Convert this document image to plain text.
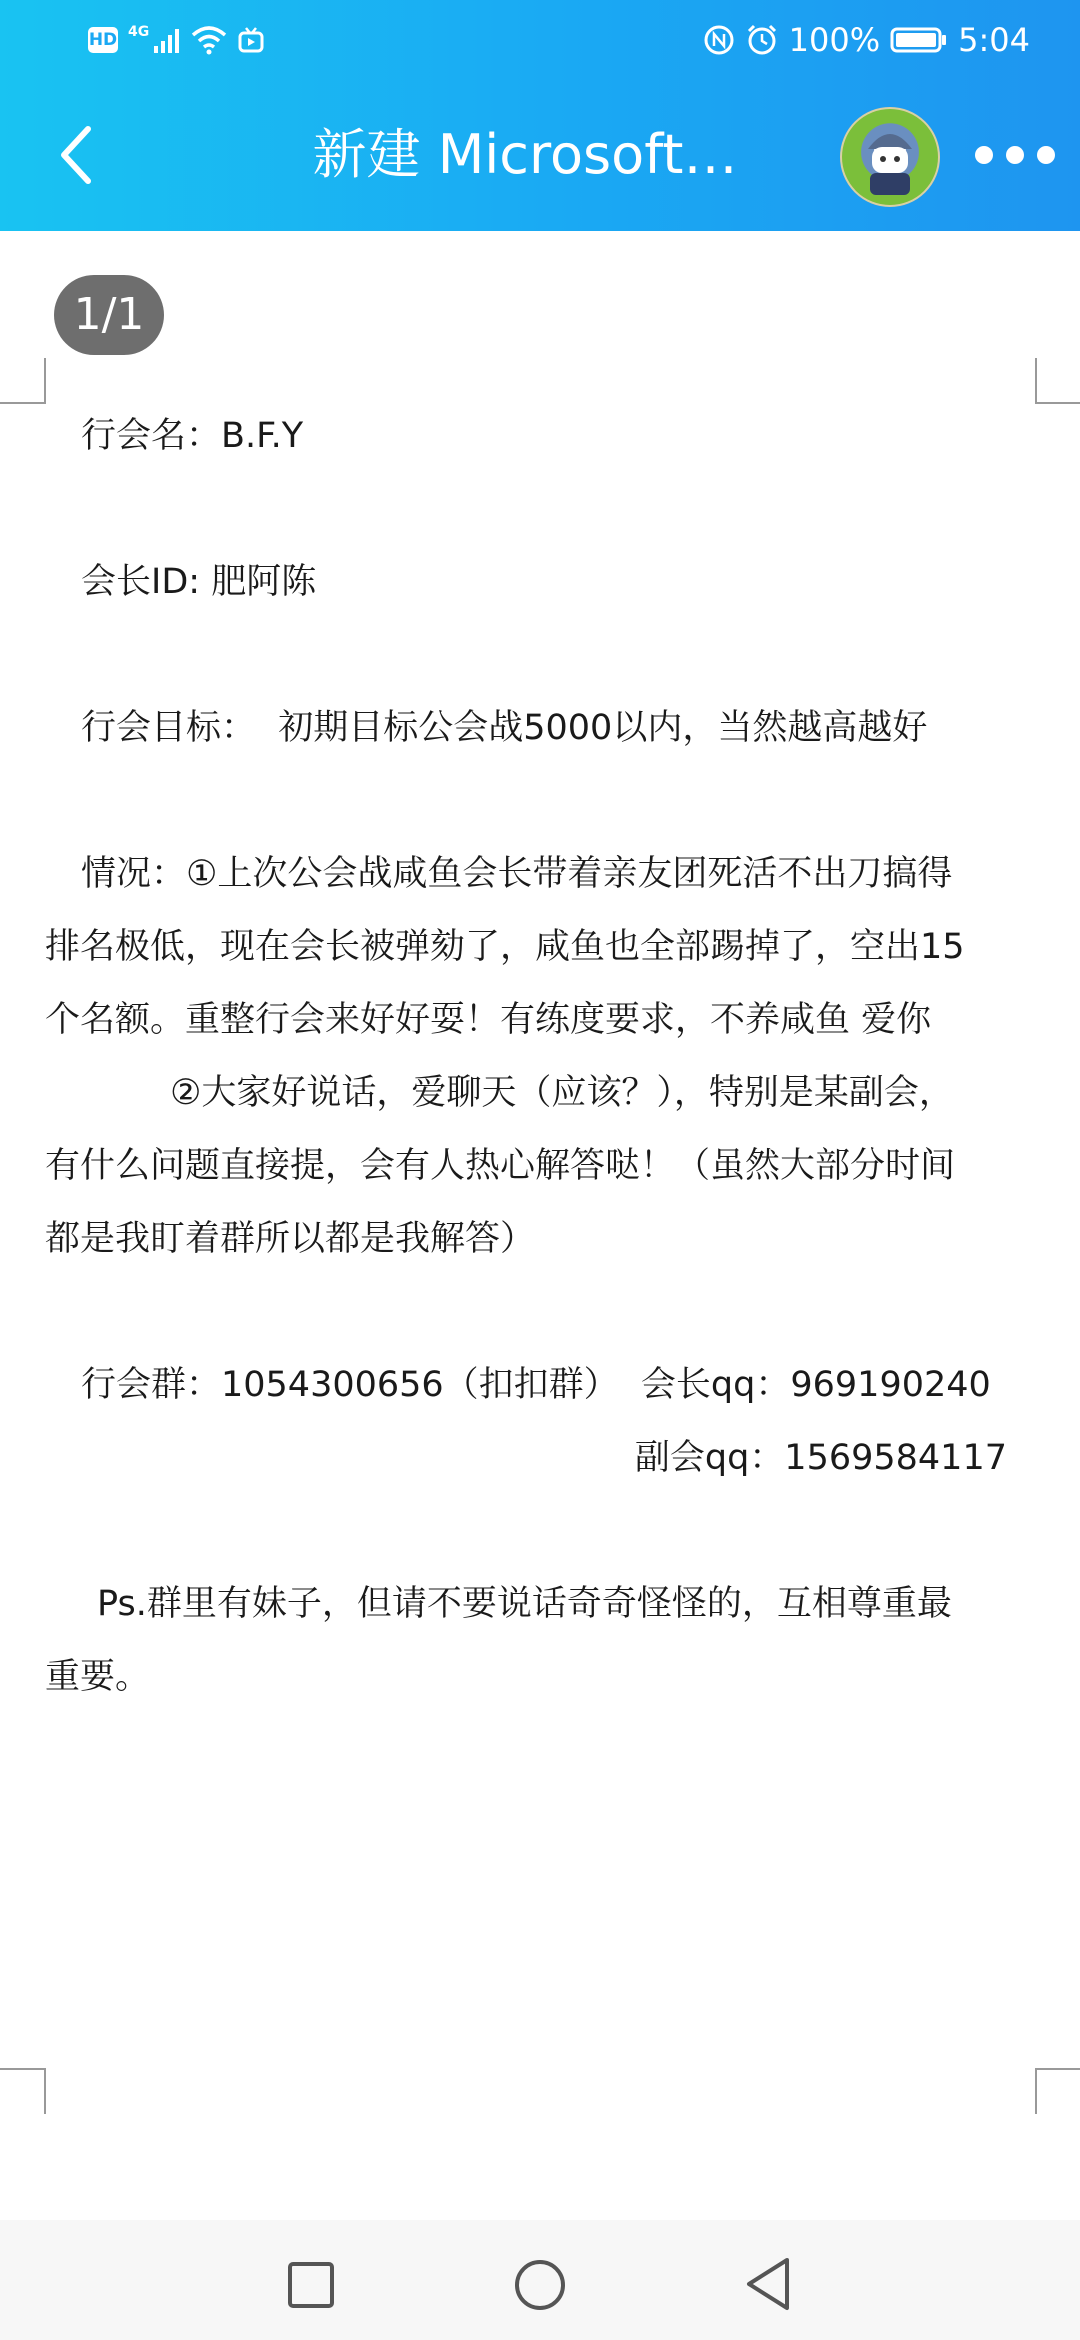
HD 4G	100% 5:04
新建 Microsoft…
1/1

行会名：B.F.Y

会长ID: 肥阿陈

行会目标：  初期目标公会战5000以内，当然越高越好

情况：①上次公会战咸鱼会长带着亲友团死活不出刀搞得

排名极低，现在会长被弹劾了，咸鱼也全部踢掉了，空出15

个名额。重整行会来好好耍！有练度要求，不养咸鱼 爱你

②大家好说话，爱聊天（应该？），特别是某副会，

有什么问题直接提，会有人热心解答哒！（虽然大部分时间

都是我盯着群所以都是我解答）

行会群：1054300656（扣扣群）  会长qq：969190240

副会qq：1569584117

Ps.群里有妹子，但请不要说话奇奇怪怪的，互相尊重最

重要。
